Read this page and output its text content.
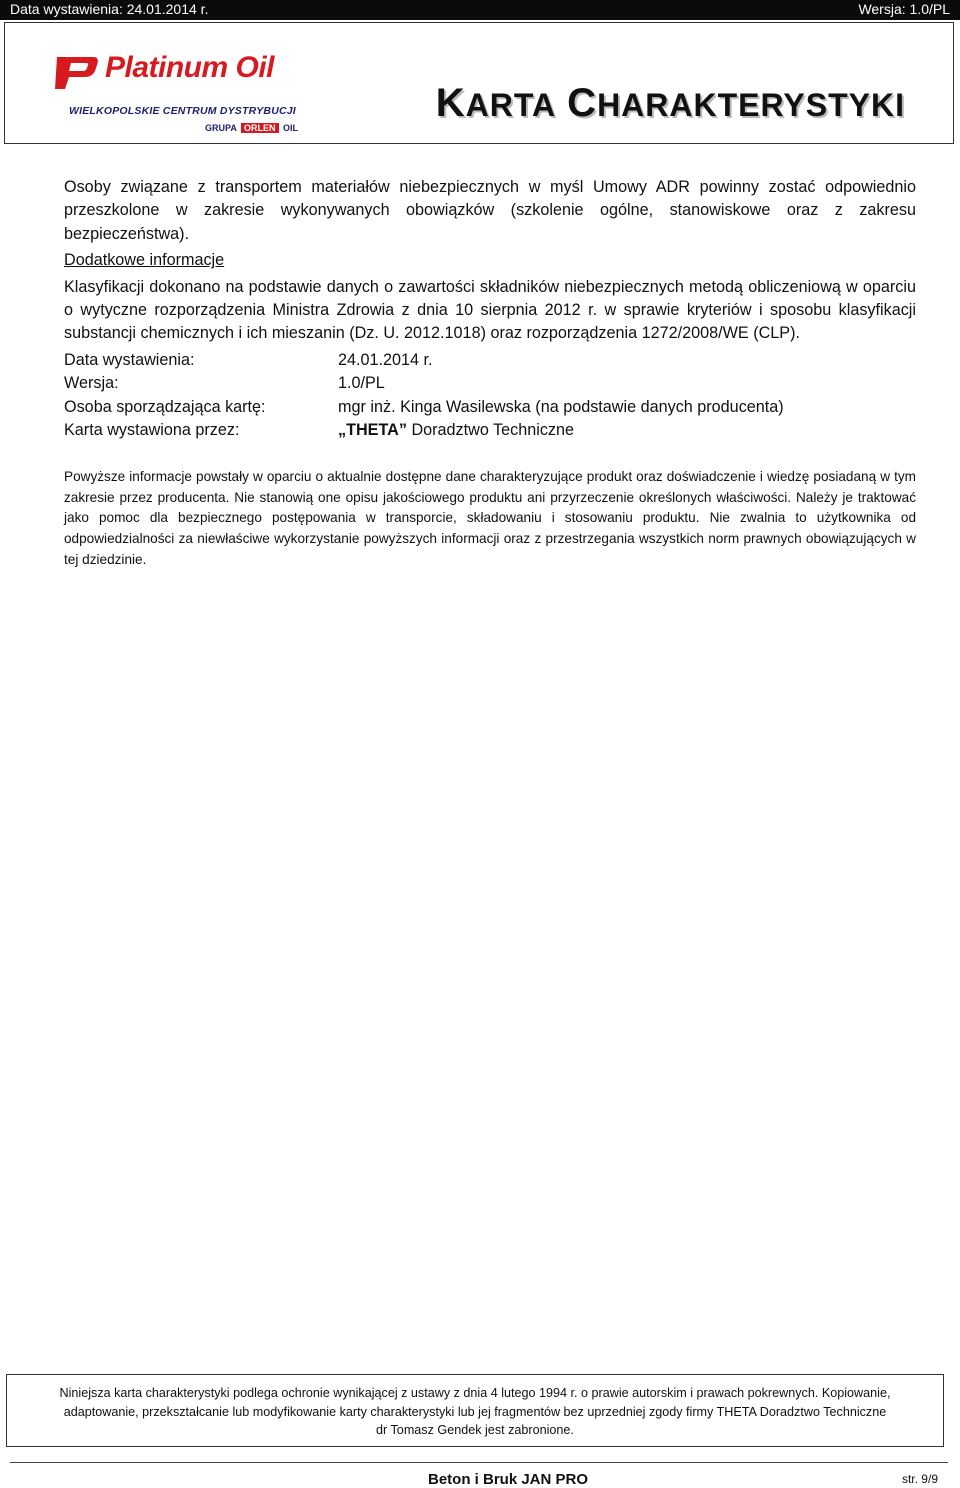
Data wystawienia: 24.01.2014 r.	Wersja: 1.0/PL
Platinum Oil
WIELKOPOLSKIE CENTRUM DYSTRYBUCJI
GRUPA ORLEN OIL
KARTA CHARAKTERYSTYKI

Osoby związane z transportem materiałów niebezpiecznych w myśl Umowy ADR powinny zostać odpowiednio przeszkolone w zakresie wykonywanych obowiązków (szkolenie ogólne, stanowiskowe oraz z zakresu bezpieczeństwa).

Dodatkowe informacje

Klasyfikacji dokonano na podstawie danych o zawartości składników niebezpiecznych metodą obliczeniową w oparciu o wytyczne rozporządzenia Ministra Zdrowia z dnia 10 sierpnia 2012 r. w sprawie kryteriów i sposobu klasyfikacji substancji chemicznych i ich mieszanin (Dz. U. 2012.1018) oraz rozporządzenia 1272/2008/WE (CLP).

Data wystawienia:	24.01.2014 r.
Wersja:	1.0/PL
Osoba sporządzająca kartę:	mgr inż. Kinga Wasilewska (na podstawie danych producenta)
Karta wystawiona przez:	„THETA” Doradztwo Techniczne

Powyższe informacje powstały w oparciu o aktualnie dostępne dane charakteryzujące produkt oraz doświadczenie i wiedzę posiadaną w tym zakresie przez producenta. Nie stanowią one opisu jakościowego produktu ani przyrzeczenie określonych właściwości. Należy je traktować jako pomoc dla bezpiecznego postępowania w transporcie, składowaniu i stosowaniu produktu. Nie zwalnia to użytkownika od odpowiedzialności za niewłaściwe wykorzystanie powyższych informacji oraz z przestrzegania wszystkich norm prawnych obowiązujących w tej dziedzinie.

Niniejsza karta charakterystyki podlega ochronie wynikającej z ustawy z dnia 4 lutego 1994 r. o prawie autorskim i prawach pokrewnych. Kopiowanie,
adaptowanie, przekształcanie lub modyfikowanie karty charakterystyki lub jej fragmentów bez uprzedniej zgody firmy THETA Doradztwo Techniczne
dr Tomasz Gendek jest zabronione.
Beton i Bruk JAN PRO	str. 9/9
